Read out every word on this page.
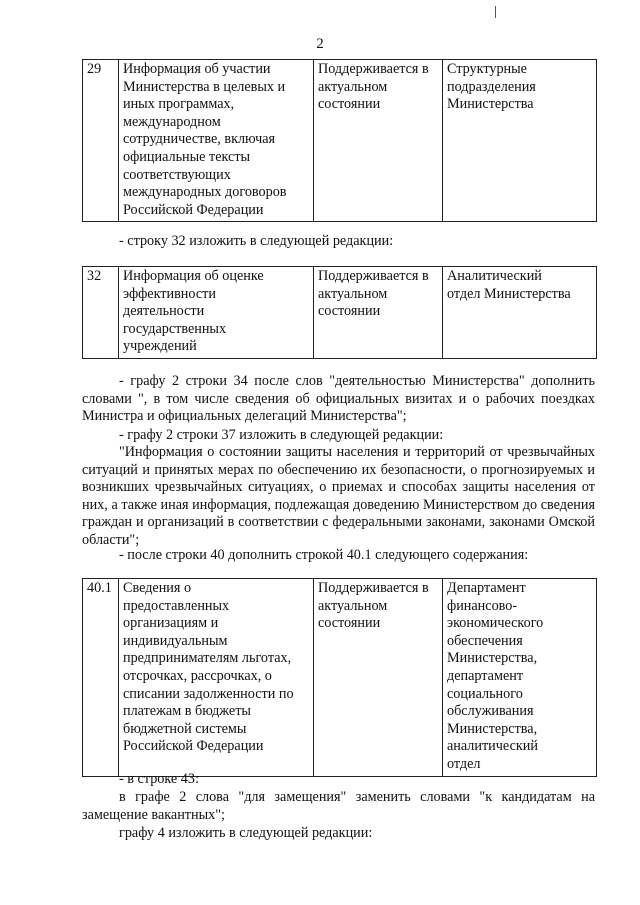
2
29	Информация об участии
Министерства в целевых и
иных программах,
международном
сотрудничестве, включая
официальные тексты
соответствующих
международных договоров
Российской Федерации	Поддерживается в
актуальном
состоянии	Структурные
подразделения
Министерства

- строку 32 изложить в следующей редакции:

32	Информация об оценке
эффективности
деятельности
государственных
учреждений	Поддерживается в
актуальном
состоянии	Аналитический
отдел Министерства

- графу 2 строки 34 после слов "деятельностью Министерства" дополнить словами ", в том числе сведения об официальных визитах и о рабочих поездках Министра и официальных делегаций Министерства";

- графу 2 строки 37 изложить в следующей редакции:

"Информация о состоянии защиты населения и территорий от чрезвычайных ситуаций и принятых мерах по обеспечению их безопасности, о прогнозируемых и возникших чрезвычайных ситуациях, о приемах и способах защиты населения от них, а также иная информация, подлежащая доведению Министерством до сведения граждан и организаций в соответствии с федеральными законами, законами Омской области";

- после строки 40 дополнить строкой 40.1 следующего содержания:

40.1	Сведения о
предоставленных
организациям и
индивидуальным
предпринимателям льготах,
отсрочках, рассрочках, о
списании задолженности по
платежам в бюджеты
бюджетной системы
Российской Федерации	Поддерживается в
актуальном
состоянии	Департамент
финансово-
экономического
обеспечения
Министерства,
департамент
социального
обслуживания
Министерства,
аналитический
отдел

- в строке 43:

в графе 2 слова "для замещения" заменить словами "к кандидатам на замещение вакантных";

графу 4 изложить в следующей редакции:
